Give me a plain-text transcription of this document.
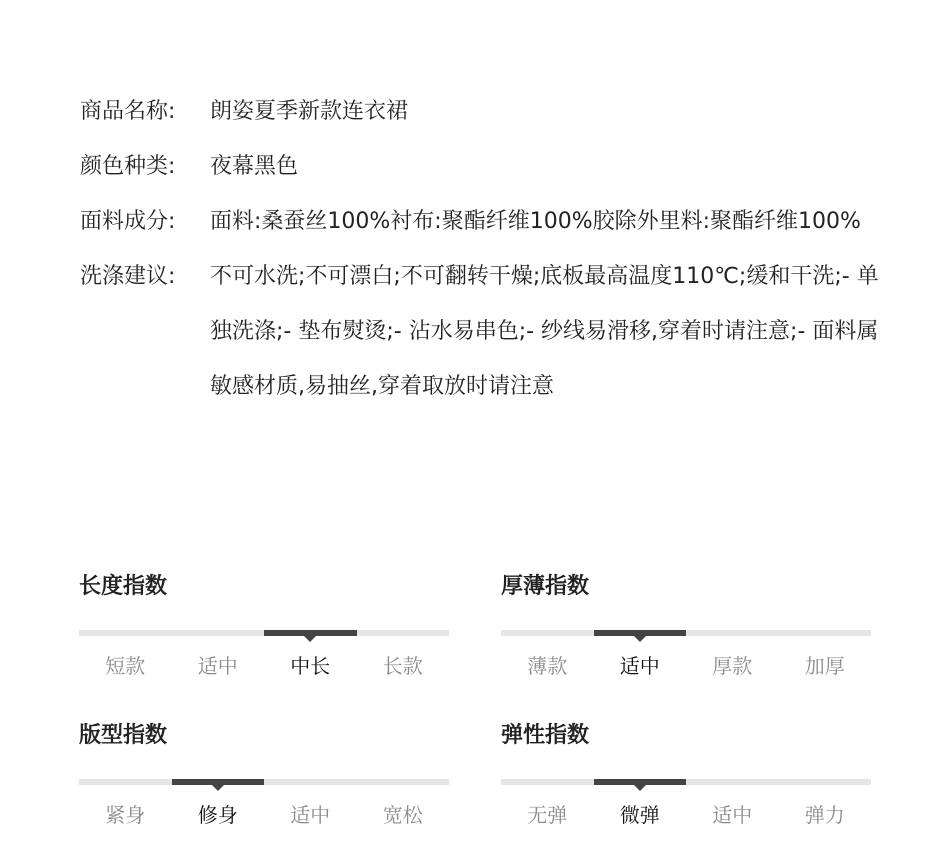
商品名称:	朗姿夏季新款连衣裙
颜色种类:	夜幕黑色
面料成分:	面料:桑蚕丝100%衬布:聚酯纤维100%胶除外里料:聚酯纤维100%
洗涤建议:	不可水洗;不可漂白;不可翻转干燥;底板最高温度110℃;缓和干洗;- 单独洗涤;- 垫布熨烫;- 沾水易串色;- 纱线易滑移,穿着时请注意;- 面料属敏感材质,易抽丝,穿着取放时请注意
长度指数
短款	适中	中长	长款
厚薄指数
薄款	适中	厚款	加厚
版型指数
紧身	修身	适中	宽松
弹性指数
无弹	微弹	适中	弹力
